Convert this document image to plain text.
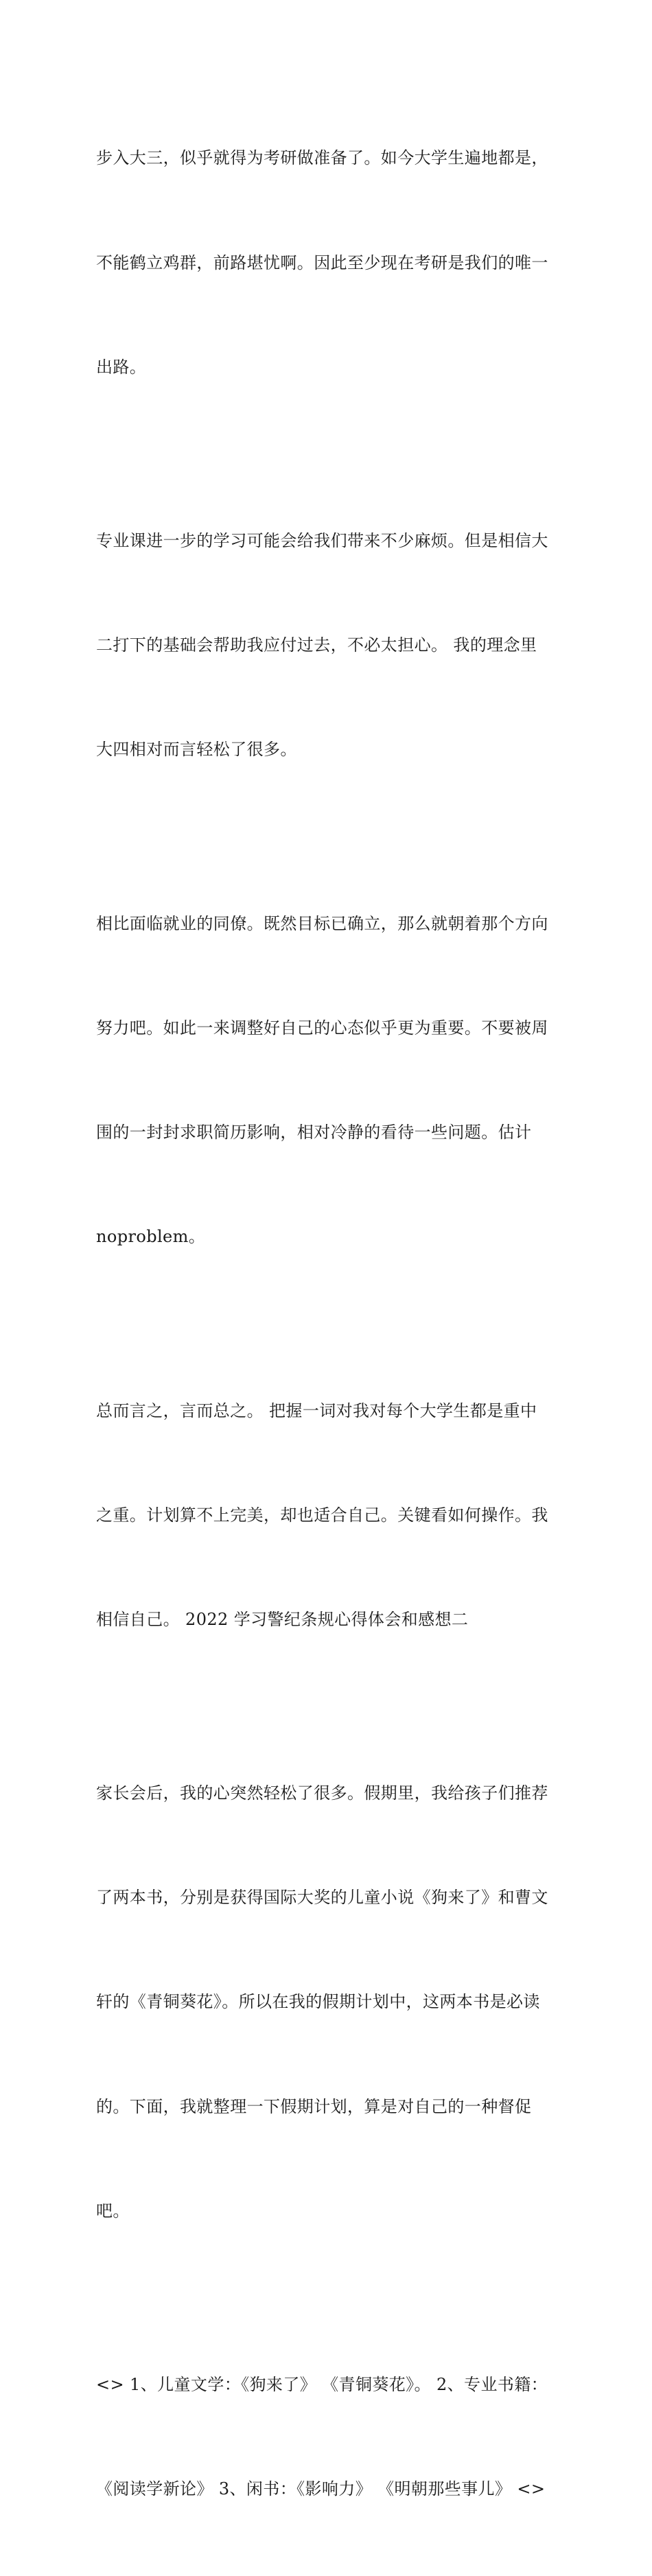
步入大三，似乎就得为考研做准备了。如今大学生遍地都是，

不能鹤立鸡群，前路堪忧啊。因此至少现在考研是我们的唯一

出路。

专业课进一步的学习可能会给我们带来不少麻烦。但是相信大

二打下的基础会帮助我应付过去，不必太担心。 我的理念里

大四相对而言轻松了很多。

相比面临就业的同僚。既然目标已确立，那么就朝着那个方向

努力吧。如此一来调整好自己的心态似乎更为重要。不要被周

围的一封封求职简历影响，相对冷静的看待一些问题。估计

noproblem。

总而言之，言而总之。 把握一词对我对每个大学生都是重中

之重。计划算不上完美，却也适合自己。关键看如何操作。我

相信自己。 2022 学习警纪条规心得体会和感想二

家长会后，我的心突然轻松了很多。假期里，我给孩子们推荐

了两本书，分别是获得国际大奖的儿童小说《狗来了》和曹文

轩的《青铜葵花》。所以在我的假期计划中，这两本书是必读

的。下面，我就整理一下假期计划，算是对自己的一种督促

吧。

<> 1、儿童文学：《狗来了》 《青铜葵花》。 2、专业书籍：

《阅读学新论》 3、闲书：《影响力》 《明朝那些事儿》 <>
